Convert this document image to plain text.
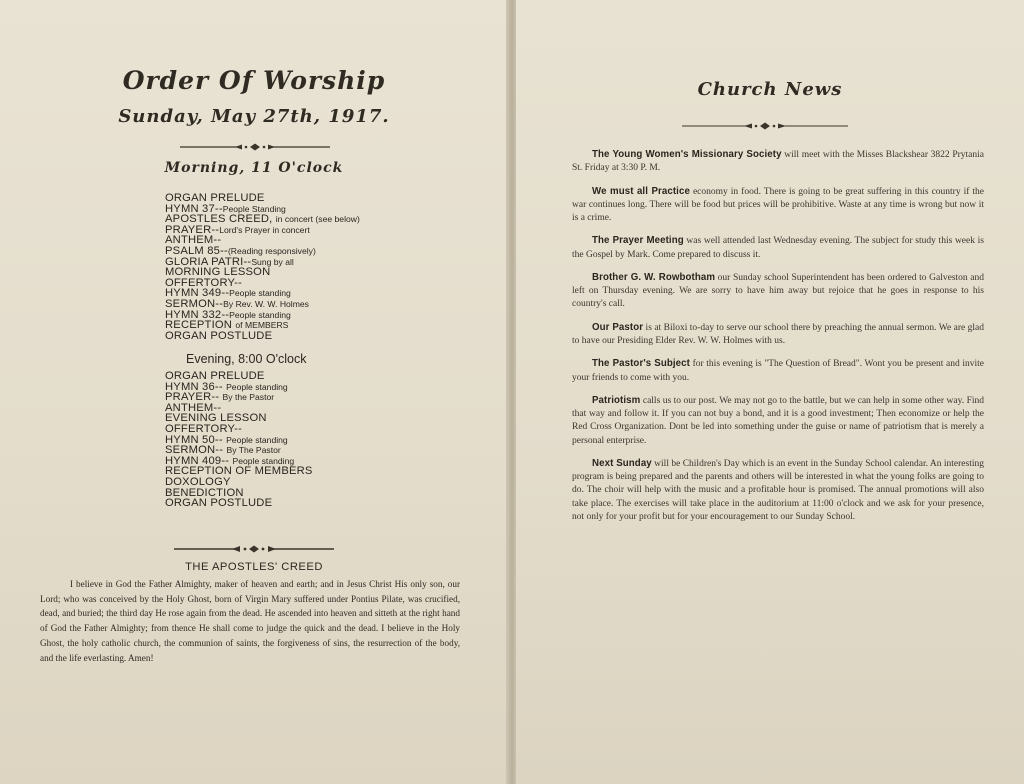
Order Of Worship
Sunday, May 27th, 1917.
Morning, 11 O'clock
ORGAN PRELUDE
HYMN 37--People Standing
APOSTLES CREED, in concert (see below)
PRAYER--Lord's Prayer in concert
ANTHEM--
PSALM 85--(Reading responsively)
GLORIA PATRI--Sung by all
MORNING LESSON
OFFERTORY--
HYMN 349--People standing
SERMON--By Rev. W. W. Holmes
HYMN 332--People standing
RECEPTION of MEMBERS
ORGAN POSTLUDE
Evening, 8:00 O'clock
ORGAN PRELUDE
HYMN 36-- People standing
PRAYER-- By the Pastor
ANTHEM--
EVENING LESSON
OFFERTORY--
HYMN 50-- People standing
SERMON-- By The Pastor
HYMN 409-- People standing
RECEPTION OF MEMBERS
DOXOLOGY
BENEDICTION
ORGAN POSTLUDE
THE APOSTLES' CREED

I believe in God the Father Almighty, maker of heaven and earth; and in Jesus Christ His only son, our Lord; who was conceived by the Holy Ghost, born of Virgin Mary suffered under Pontius Pilate, was crucified, dead, and buried; the third day He rose again from the dead. He ascended into heaven and sitteth at the right hand of God the Father Almighty; from thence He shall come to judge the quick and the dead. I believe in the Holy Ghost, the holy catholic church, the communion of saints, the forgiveness of sins, the resurrection of the body, and the life everlasting. Amen!

Church News

The Young Women's Missionary Society will meet with the Misses Blackshear 3822 Prytania St. Friday at 3:30 P. M.

We must all Practice economy in food. There is going to be great suffering in this country if the war continues long. There will be food but prices will be prohibitive. Waste at any time is wrong but now it is a crime.

The Prayer Meeting was well attended last Wednesday evening. The subject for study this week is the Gospel by Mark. Come prepared to discuss it.

Brother G. W. Rowbotham our Sunday school Superintendent has been ordered to Galveston and left on Thursday evening. We are sorry to have him away but rejoice that he goes in response to his country's call.

Our Pastor is at Biloxi to-day to serve our school there by preaching the annual sermon. We are glad to have our Presiding Elder Rev. W. W. Holmes with us.

The Pastor's Subject for this evening is "The Question of Bread". Wont you be present and invite your friends to come with you.

Patriotism calls us to our post. We may not go to the battle, but we can help in some other way. Find that way and follow it. If you can not buy a bond, and it is a good investment; Then economize or help the Red Cross Organization. Dont be led into something under the guise or name of patriotism that is merely a personal enterprise.

Next Sunday will be Children's Day which is an event in the Sunday School calendar. An interesting program is being prepared and the parents and others will be interested in what the young folks are going to do. The choir will help with the music and a profitable hour is promised. The annual promotions will also take place. The exercises will take place in the auditorium at 11:00 o'clock and we ask for your presence, not only for your profit but for your encouragement to our Sunday School.
